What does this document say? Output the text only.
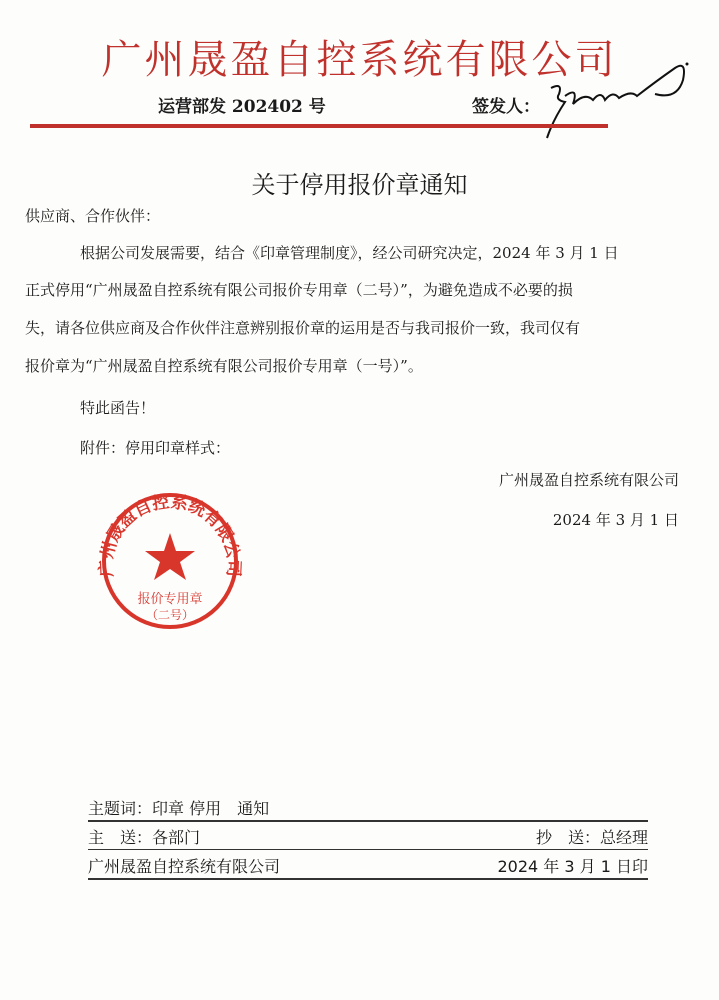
广州晟盈自控系统有限公司
运营部发 202402 号	签发人：
关于停用报价章通知
供应商、合作伙伴：
根据公司发展需要，结合《印章管理制度》，经公司研究决定，2024 年 3 月 1 日
正式停用“广州晟盈自控系统有限公司报价专用章（二号）”，为避免造成不必要的损
失，请各位供应商及合作伙伴注意辨别报价章的运用是否与我司报价一致，我司仅有
报价章为“广州晟盈自控系统有限公司报价专用章（一号）”。
特此函告！
附件：停用印章样式：
广州晟盈自控系统有限公司
2024 年 3 月 1 日
广州晟盈自控系统有限公司
报价专用章
（二号）
主题词：印章 停用　通知
主　送：各部门	抄　送：总经理
广州晟盈自控系统有限公司	2024 年 3 月 1 日印
